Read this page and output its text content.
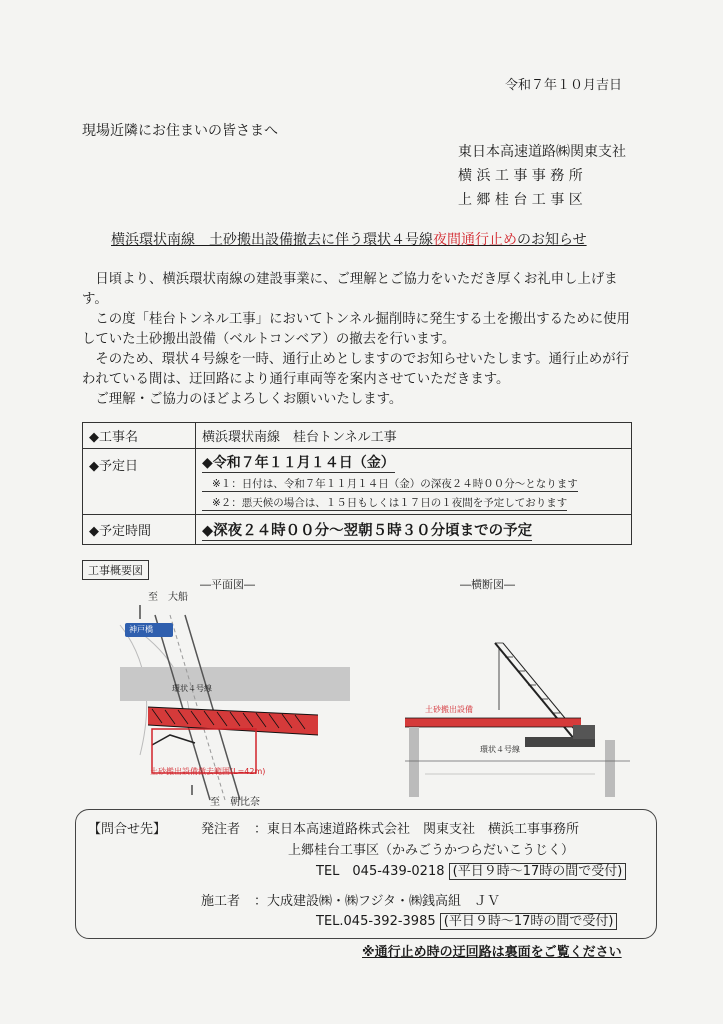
令和７年１０月吉日
現場近隣にお住まいの皆さまへ
東日本高速道路㈱関東支社
横 浜 工 事 事 務 所
上 郷 桂 台 工 事 区
横浜環状南線　土砂搬出設備撤去に伴う環状４号線夜間通行止めのお知らせ

日頃より、横浜環状南線の建設事業に、ご理解とご協力をいただき厚くお礼申し上げます。

この度「桂台トンネル工事」においてトンネル掘削時に発生する土を搬出するために使用していた土砂搬出設備（ベルトコンベア）の撤去を行います。

そのため、環状４号線を一時、通行止めとしますのでお知らせいたします。通行止めが行われている間は、迂回路により通行車両等を案内させていただきます。

ご理解・ご協力のほどよろしくお願いいたします。

◆工事名	横浜環状南線　桂台トンネル工事
◆予定日	◆令和７年１１月１４日（金）
※１：日付は、令和７年１１月１４日（金）の深夜２４時００分～となります
※２：悪天候の場合は、１５日もしくは１７日の１夜間を予定しております

◆予定時間	◆深夜２４時００分～翌朝５時３０分頃までの予定
工事概要図
―平面図―	―横断図―
至　大船
神戸橋
環状４号線
土砂搬出設備撤去範囲(L=42m)
至　朝比奈
土砂搬出設備
環状４号線
【問合せ先】	発注者 ：東日本高速道路株式会社　関東支社　横浜工事事務所
上郷桂台工事区（かみごうかつらだいこうじく）
TEL　045-439-0218 (平日９時～17時の間で受付)
施工者 ：大成建設㈱・㈱フジタ・㈱銭高組　ＪＶ
TEL.045-392-3985 (平日９時～17時の間で受付)
※通行止め時の迂回路は裏面をご覧ください
